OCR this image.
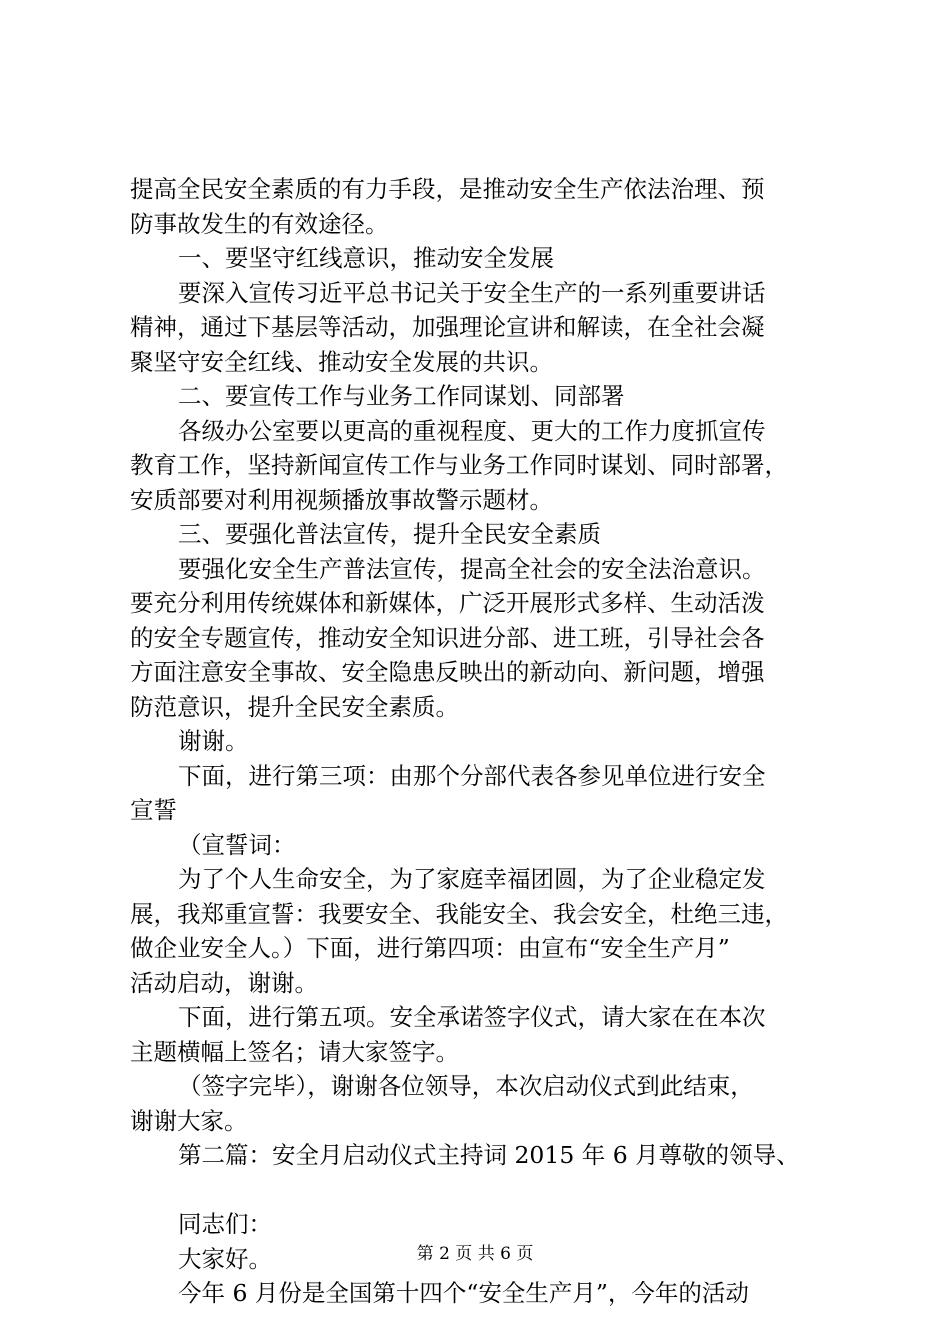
提高全民安全素质的有力手段，是推动安全生产依法治理、预
防事故发生的有效途径。
一、要坚守红线意识，推动安全发展
要深入宣传习近平总书记关于安全生产的一系列重要讲话
精神，通过下基层等活动，加强理论宣讲和解读，在全社会凝
聚坚守安全红线、推动安全发展的共识。
二、要宣传工作与业务工作同谋划、同部署
各级办公室要以更高的重视程度、更大的工作力度抓宣传
教育工作，坚持新闻宣传工作与业务工作同时谋划、同时部署，
安质部要对利用视频播放事故警示题材。
三、要强化普法宣传，提升全民安全素质
要强化安全生产普法宣传，提高全社会的安全法治意识。
要充分利用传统媒体和新媒体，广泛开展形式多样、生动活泼
的安全专题宣传，推动安全知识进分部、进工班，引导社会各
方面注意安全事故、安全隐患反映出的新动向、新问题，增强
防范意识，提升全民安全素质。
谢谢。
下面，进行第三项：由那个分部代表各参见单位进行安全
宣誓
（宣誓词：
为了个人生命安全，为了家庭幸福团圆，为了企业稳定发
展，我郑重宣誓：我要安全、我能安全、我会安全，杜绝三违，
做企业安全人。）下面，进行第四项：由宣布“安全生产月”
活动启动，谢谢。
下面，进行第五项。安全承诺签字仪式，请大家在在本次
主题横幅上签名；请大家签字。
（签字完毕），谢谢各位领导，本次启动仪式到此结束，
谢谢大家。
第二篇：安全月启动仪式主持词 2015 年 6 月尊敬的领导、
同志们：
大家好。
今年 6 月份是全国第十四个“安全生产月”，今年的活动
第 2 页 共 6 页
